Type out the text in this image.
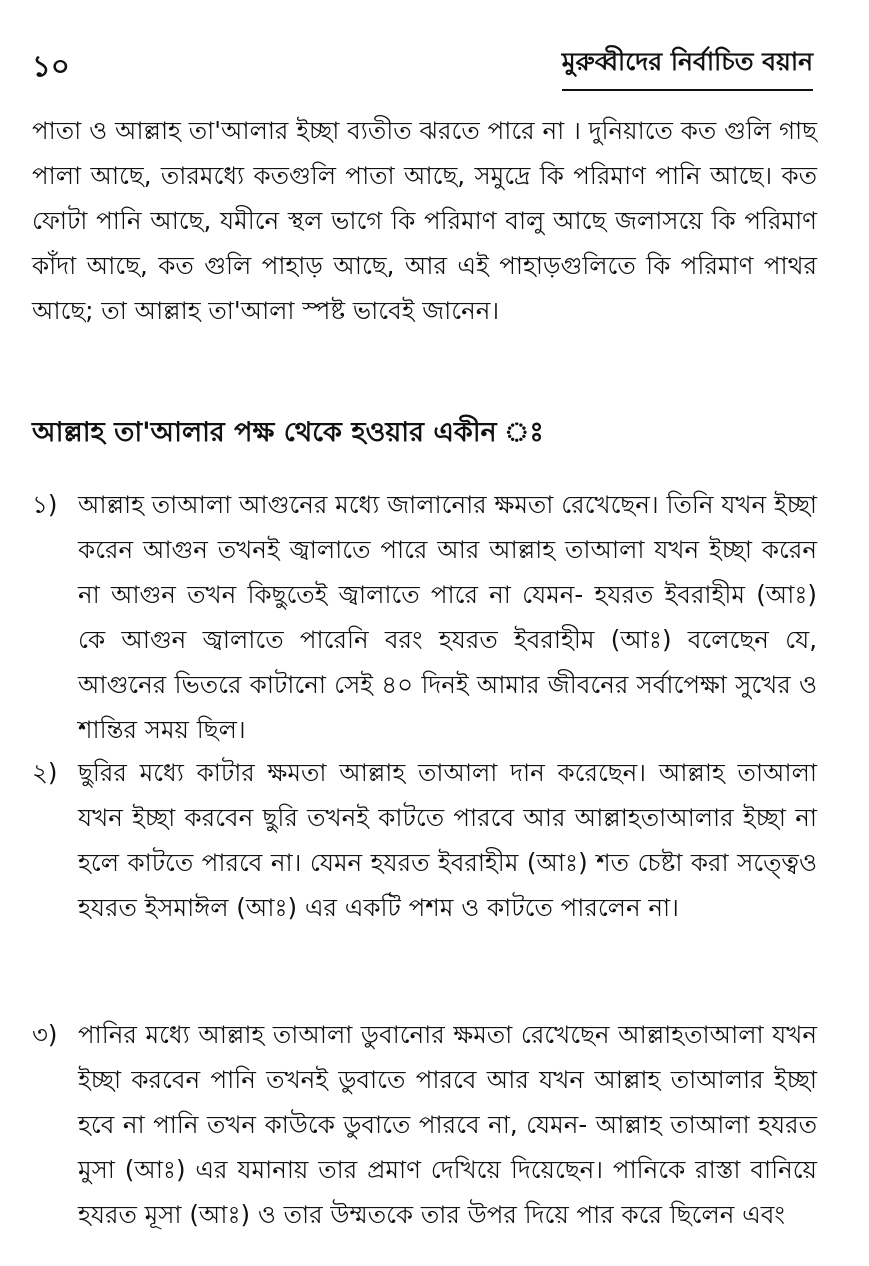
১০	মুরুব্বীদের নির্বাচিত বয়ান

পাতা ও আল্লাহ তা'আলার ইচ্ছা ব্যতীত ঝরতে পারে না । দুনিয়াতে কত গুলি গাছ পালা আছে, তারমধ্যে কতগুলি পাতা আছে, সমুদ্রে কি পরিমাণ পানি আছে। কত ফোটা পানি আছে, যমীনে স্থল ভাগে কি পরিমাণ বালু আছে জলাসয়ে কি পরিমাণ কাঁদা আছে, কত গুলি পাহাড় আছে, আর এই পাহাড়গুলিতে কি পরিমাণ পাথর আছে; তা আল্লাহ তা'আলা স্পষ্ট ভাবেই জানেন।

আল্লাহ তা'আলার পক্ষ থেকে হওয়ার একীন ঃ
১) আল্লাহ তাআলা আগুনের মধ্যে জালানোর ক্ষমতা রেখেছেন। তিনি যখন ইচ্ছা করেন আগুন তখনই জ্বালাতে পারে আর আল্লাহ তাআলা যখন ইচ্ছা করেন না আগুন তখন কিছুতেই জ্বালাতে পারে না যেমন- হযরত ইবরাহীম (আঃ) কে আগুন জ্বালাতে পারেনি বরং হযরত ইবরাহীম (আঃ) বলেছেন যে, আগুনের ভিতরে কাটানো সেই ৪০ দিনই আমার জীবনের সর্বাপেক্ষা সুখের ও শান্তির সময় ছিল।

২) ছুরির মধ্যে কাটার ক্ষমতা আল্লাহ তাআলা দান করেছেন। আল্লাহ তাআলা যখন ইচ্ছা করবেন ছুরি তখনই কাটতে পারবে আর আল্লাহতাআলার ইচ্ছা না হলে কাটতে পারবে না। যেমন হযরত ইবরাহীম (আঃ) শত চেষ্টা করা সত্ত্বেও হযরত ইসমাঈল (আঃ) এর একটি পশম ও কাটতে পারলেন না।

৩) পানির মধ্যে আল্লাহ তাআলা ডুবানোর ক্ষমতা রেখেছেন আল্লাহতাআলা যখন ইচ্ছা করবেন পানি তখনই ডুবাতে পারবে আর যখন আল্লাহ তাআলার ইচ্ছা হবে না পানি তখন কাউকে ডুবাতে পারবে না, যেমন- আল্লাহ তাআলা হযরত মুসা (আঃ) এর যমানায় তার প্রমাণ দেখিয়ে দিয়েছেন। পানিকে রাস্তা বানিয়ে হযরত মূসা (আঃ) ও তার উম্মতকে তার উপর দিয়ে পার করে ছিলেন এবং
